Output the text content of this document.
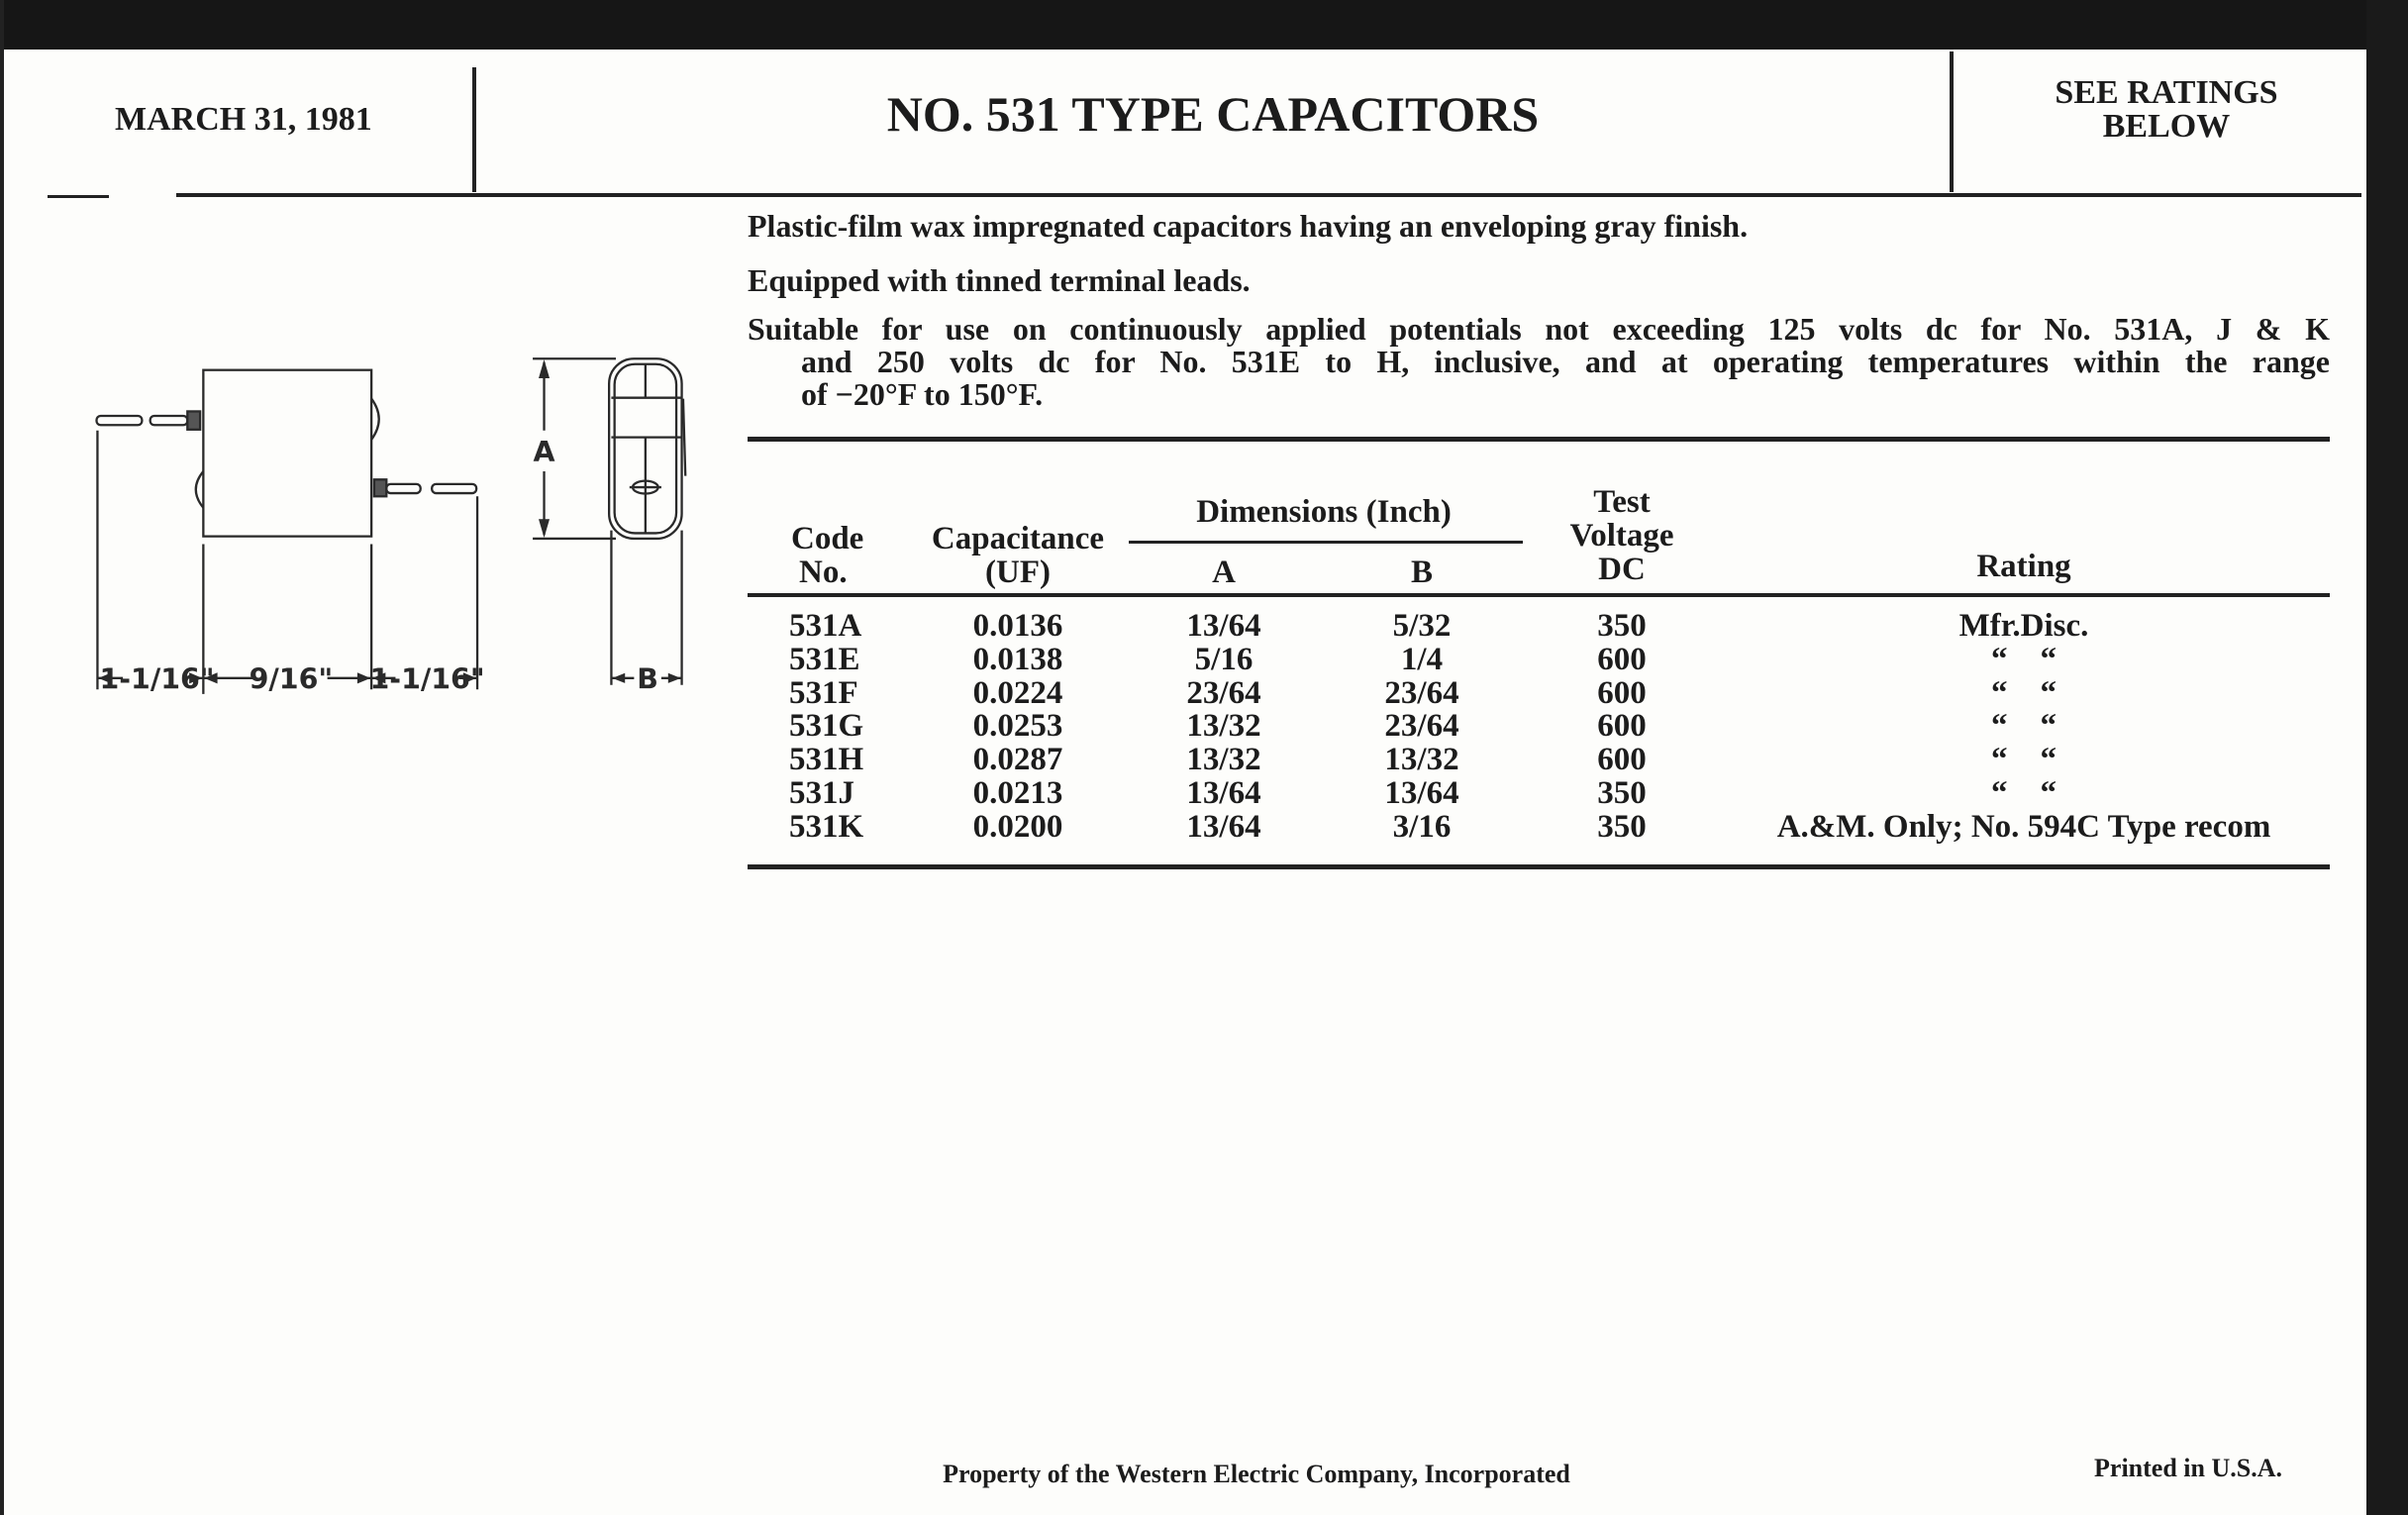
MARCH 31, 1981	NO. 531 TYPE CAPACITORS	SEE RATINGS
BELOW
1-1/16" 9/16" 1-1/16"
A
B
Plastic-film wax impregnated capacitors having an enveloping gray finish.
Equipped with tinned terminal leads.
Suitable for use on continuously applied potentials not exceeding 125 volts dc for No. 531A, J & K
and 250 volts dc for No. 531E to H, inclusive, and at operating temperatures within the range
of −20°F to 150°F.
Code
No.
Capacitance
(UF)
Dimensions (Inch)
A	B
Test
Voltage
DC	Rating
531A	0.0136	13/64	5/32	350	Mfr.Disc.
531E	0.0138	5/16	1/4	600	“    “
531F	0.0224	23/64	23/64	600	“    “
531G	0.0253	13/32	23/64	600	“    “
531H	0.0287	13/32	13/32	600	“    “
531J	0.0213	13/64	13/64	350	“    “
531K	0.0200	13/64	3/16	350	A.&M. Only; No. 594C Type recom
Property of the Western Electric Company, Incorporated	Printed in U.S.A.
